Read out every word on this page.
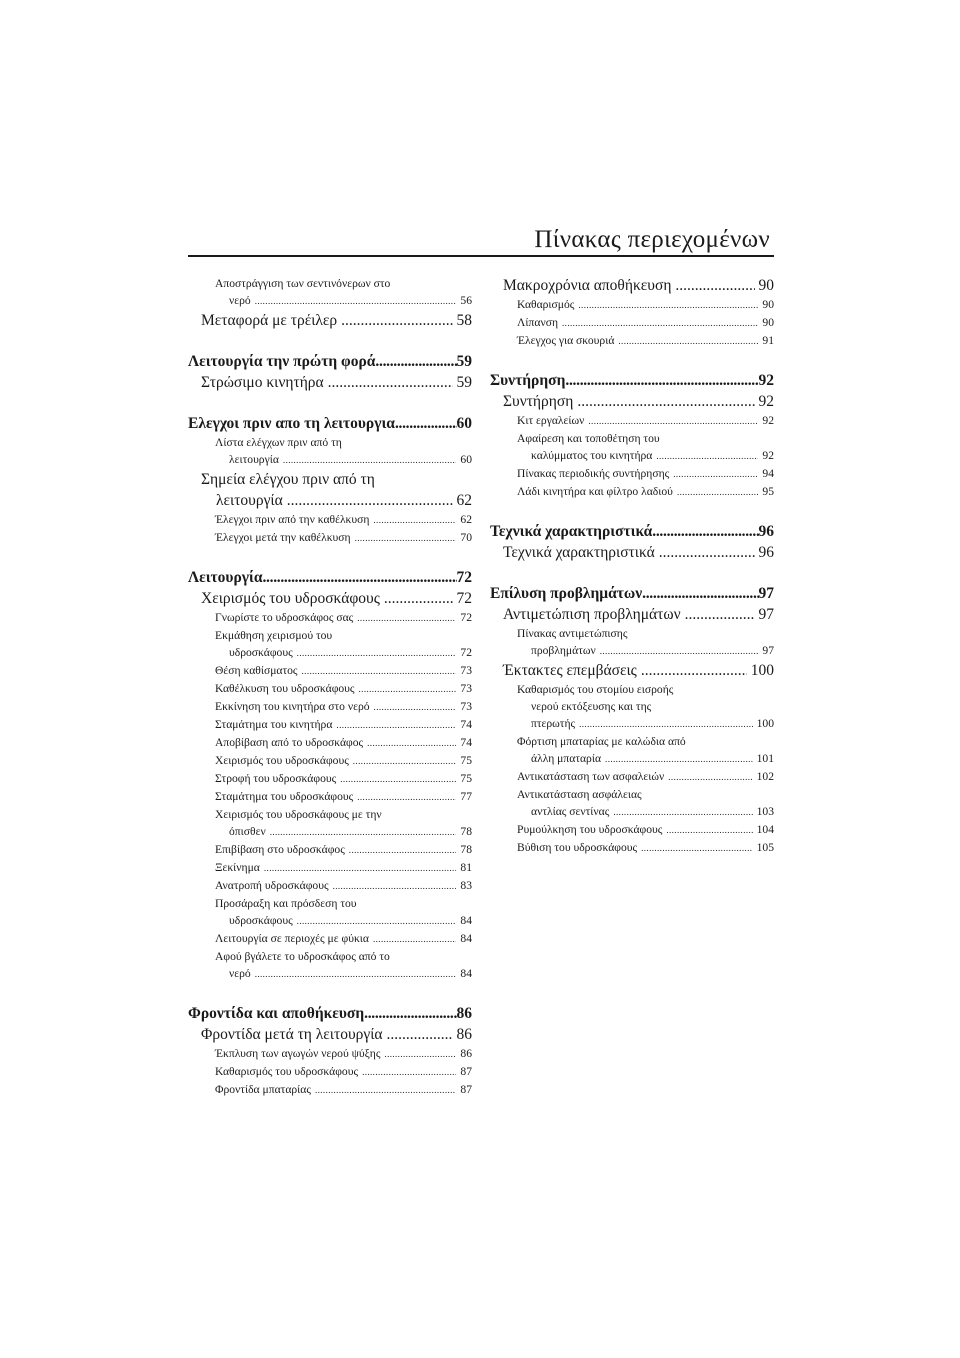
Πίνακας περιεχομένων
Αποστράγγιση των σεντινόνερων στο
νερό .....	56
Μεταφορά με τρέιλερ .....	58
Λειτουργία την πρώτη φορά .....	59
Στρώσιμο κινητήρα .....	59
Ελεγχοι πριν απο τη λειτουργια .....	60
Λίστα ελέγχων πριν από τη
λειτουργία .....	60
Σημεία ελέγχου πριν από τη
λειτουργία .....	62
Έλεγχοι πριν από την καθέλκυση .....	62
Έλεγχοι μετά την καθέλκυση .....	70
Λειτουργία .....	72
Χειρισμός του υδροσκάφους .....	72
Γνωρίστε το υδροσκάφος σας .....	72
Εκμάθηση χειρισμού του
υδροσκάφους .....	72
Θέση καθίσματος .....	73
Καθέλκυση του υδροσκάφους .....	73
Εκκίνηση του κινητήρα στο νερό .....	73
Σταμάτημα του κινητήρα .....	74
Αποβίβαση από το υδροσκάφος .....	74
Χειρισμός του υδροσκάφους .....	75
Στροφή του υδροσκάφους .....	75
Σταμάτημα του υδροσκάφους .....	77
Χειρισμός του υδροσκάφους με την
όπισθεν .....	78
Επιβίβαση στο υδροσκάφος .....	78
Ξεκίνημα .....	81
Ανατροπή υδροσκάφους .....	83
Προσάραξη και πρόσδεση του
υδροσκάφους .....	84
Λειτουργία σε περιοχές με φύκια .....	84
Αφού βγάλετε το υδροσκάφος από το
νερό .....	84
Φροντίδα και αποθήκευση .....	86
Φροντίδα μετά τη λειτουργία .....	86
Έκπλυση των αγωγών νερού ψύξης .....	86
Καθαρισμός του υδροσκάφους .....	87
Φροντίδα μπαταρίας .....	87
Μακροχρόνια αποθήκευση .....	90
Καθαρισμός .....	90
Λίπανση .....	90
Έλεγχος για σκουριά .....	91
Συντήρηση .....	92
Συντήρηση .....	92
Κιτ εργαλείων .....	92
Αφαίρεση και τοποθέτηση του
καλύμματος του κινητήρα .....	92
Πίνακας περιοδικής συντήρησης .....	94
Λάδι κινητήρα και φίλτρο λαδιού .....	95
Τεχνικά χαρακτηριστικά .....	96
Τεχνικά χαρακτηριστικά .....	96
Επίλυση προβλημάτων .....	97
Αντιμετώπιση προβλημάτων .....	97
Πίνακας αντιμετώπισης
προβλημάτων .....	97
Έκτακτες επεμβάσεις .....	100
Καθαρισμός του στομίου εισροής
νερού εκτόξευσης και της
πτερωτής .....	100
Φόρτιση μπαταρίας με καλώδια από
άλλη μπαταρία .....	101
Αντικατάσταση των ασφαλειών .....	102
Αντικατάσταση ασφάλειας
αντλίας σεντίνας .....	103
Ρυμούλκηση του υδροσκάφους .....	104
Βύθιση του υδροσκάφους .....	105
